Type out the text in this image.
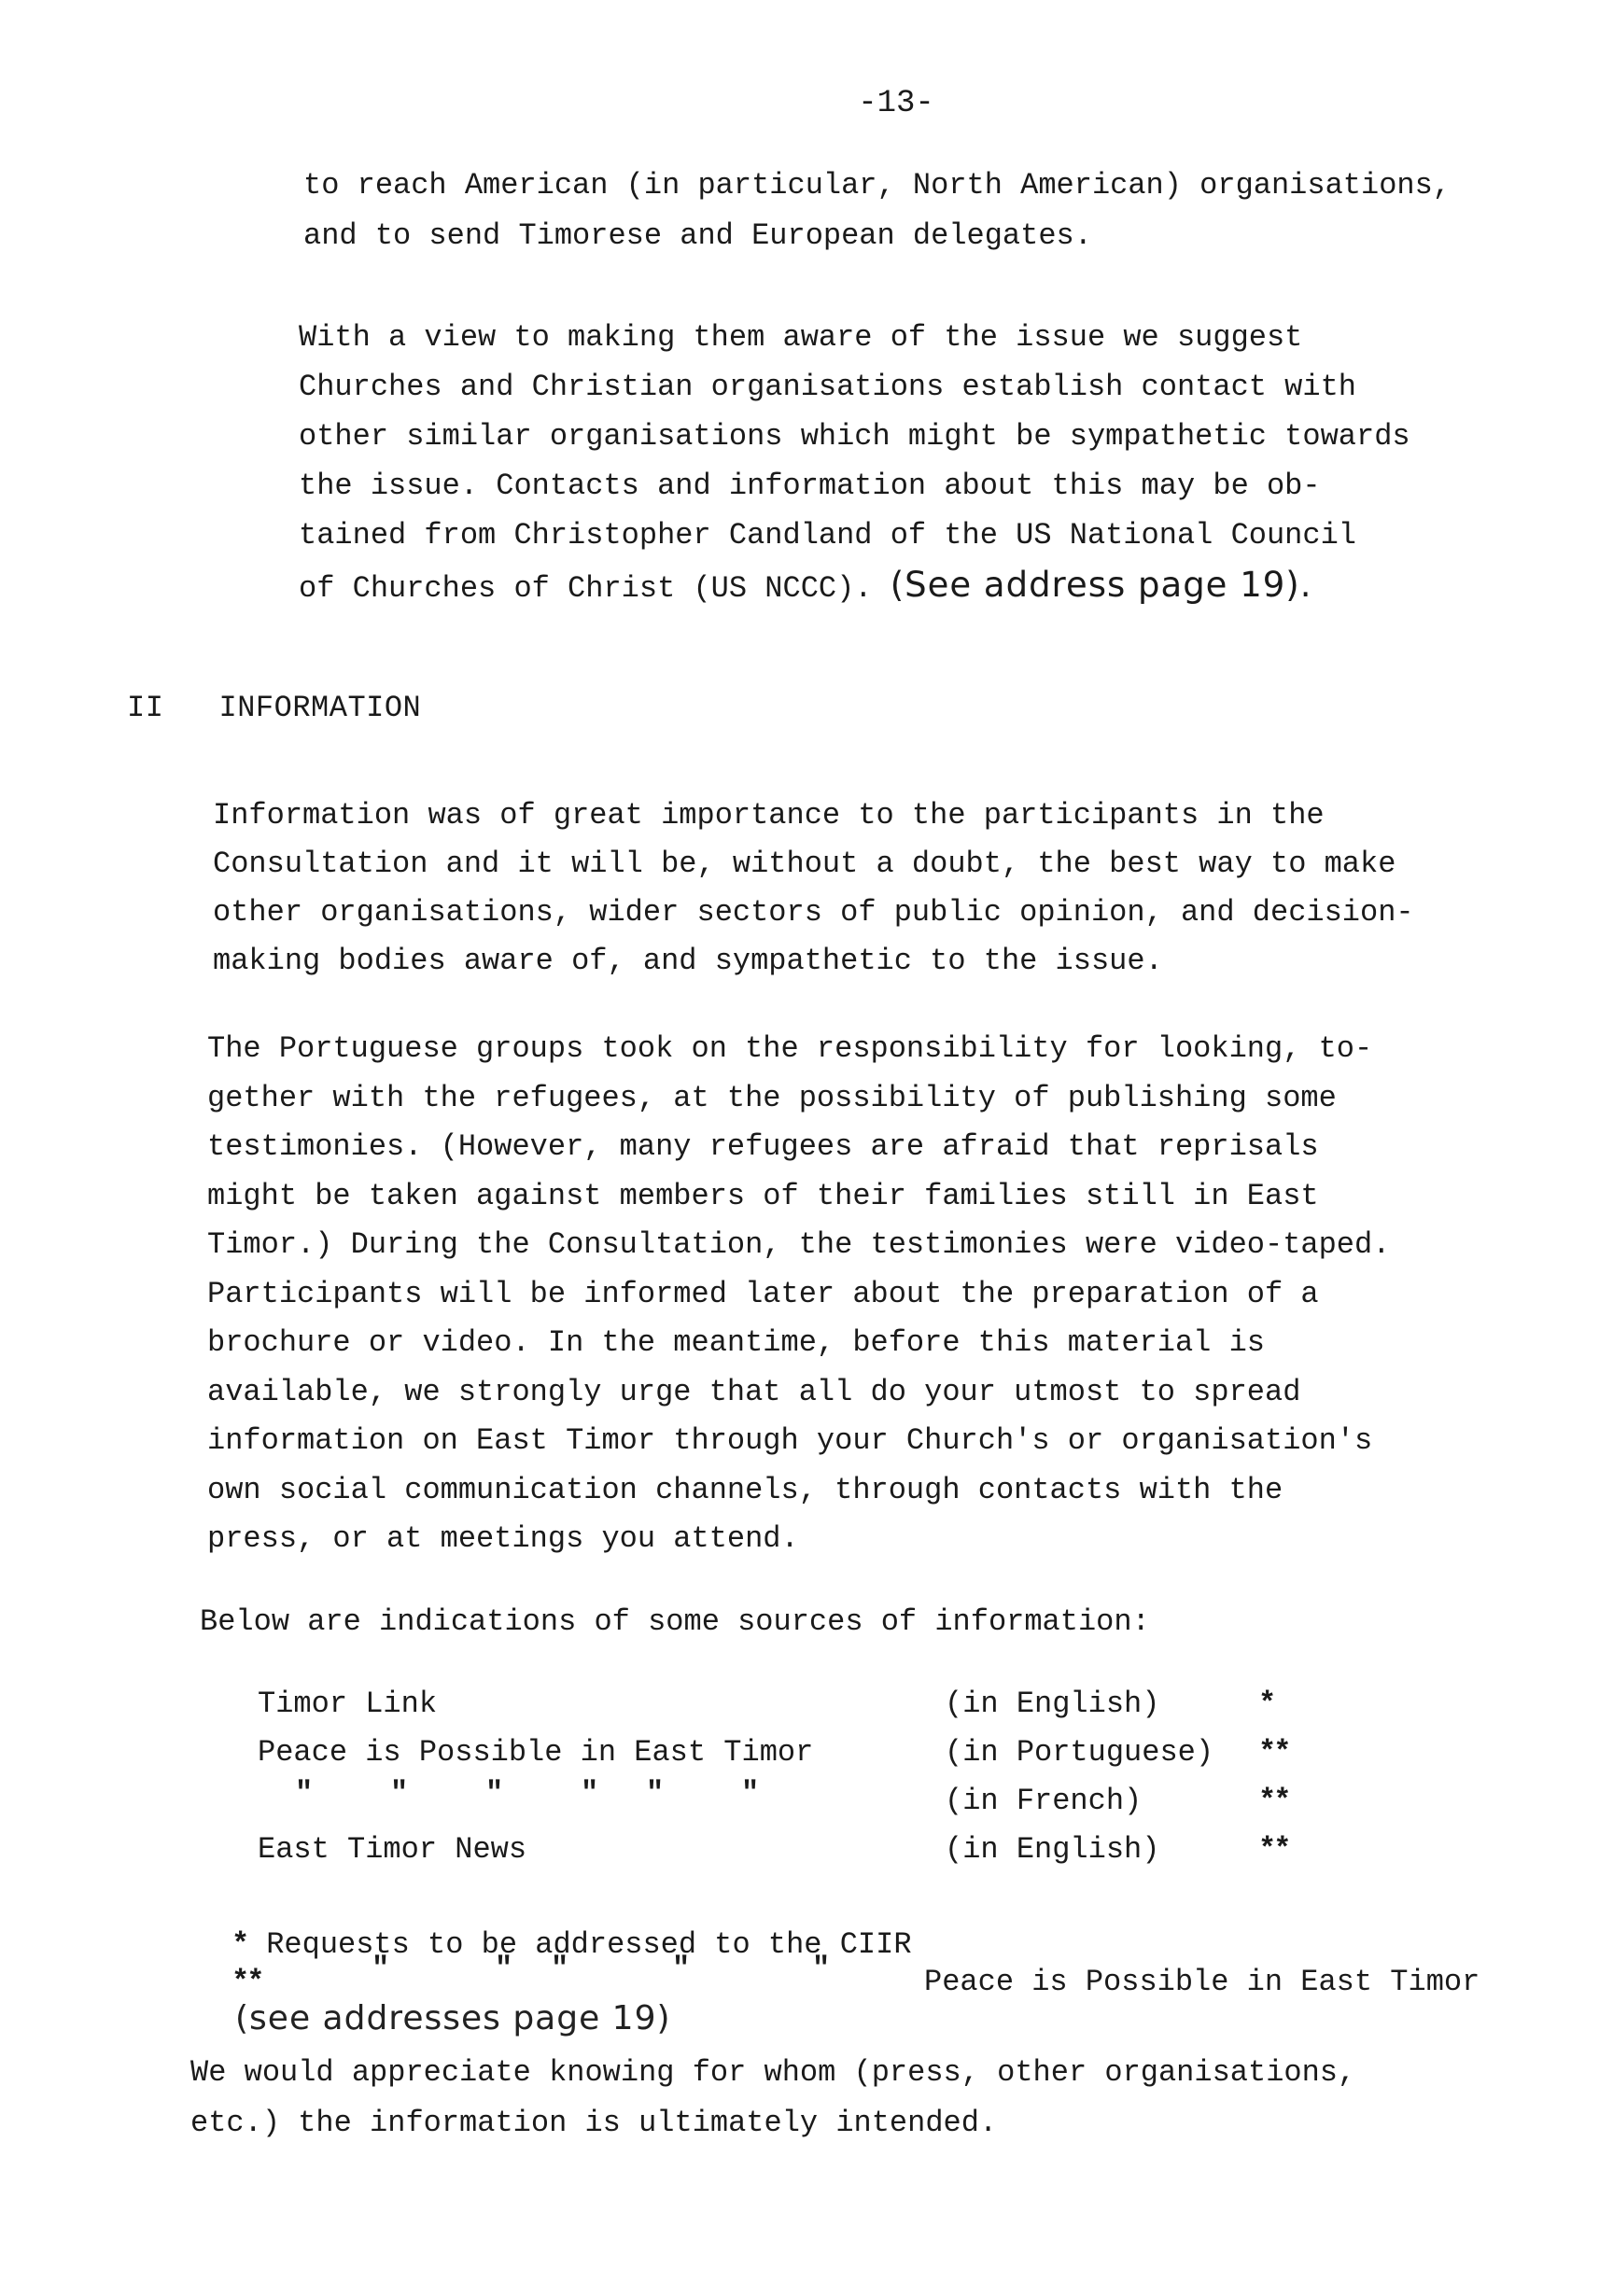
-13-
to reach American (in particular, North American) organisations,
and to send Timorese and European delegates.
With a view to making them aware of the issue we suggest
Churches and Christian organisations establish contact with
other similar organisations which might be sympathetic towards
the issue. Contacts and information about this may be ob-
tained from Christopher Candland of the US National Council
of Churches of Christ (US NCCC). (See address page 19).
II   INFORMATION
Information was of great importance to the participants in the
Consultation and it will be, without a doubt, the best way to make
other organisations, wider sectors of public opinion, and decision-
making bodies aware of, and sympathetic to the issue.
The Portuguese groups took on the responsibility for looking, to-
gether with the refugees, at the possibility of publishing some
testimonies. (However, many refugees are afraid that reprisals
might be taken against members of their families still in East
Timor.) During the Consultation, the testimonies were video-taped.
Participants will be informed later about the preparation of a
brochure or video. In the meantime, before this material is
available, we strongly urge that all do your utmost to spread
information on East Timor through your Church's or organisation's
own social communication channels, through contacts with the
press, or at meetings you attend.
Below are indications of some sources of information:
Timor Link	(in English)	*
Peace is Possible in East Timor	(in Portuguese) **
"	"	"	" "	"	(in French)	**
East Timor News	(in English)	**
* Requests to be addressed to the CIIR
**	"	" "	"	"	Peace is Possible in East Timor
(see addresses page 19)
We would appreciate knowing for whom (press, other organisations,
etc.) the information is ultimately intended.
